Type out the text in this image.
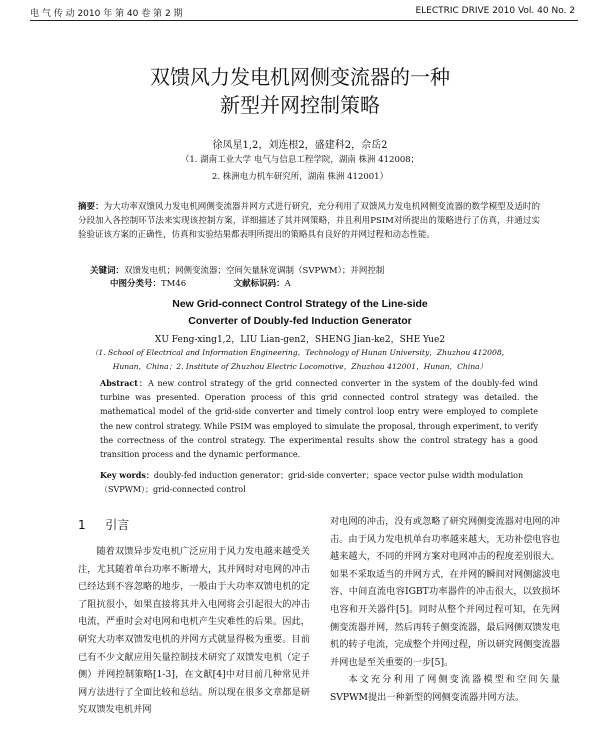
电 气 传 动 2010 年 第 40 卷 第 2 期	ELECTRIC DRIVE 2010 Vol. 40 No. 2
双馈风力发电机网侧变流器的一种
新型并网控制策略
徐凤星1,2，刘连根2，盛建科2，佘岳2
（1. 湖南工业大学 电气与信息工程学院，湖南 株洲 412008；
2. 株洲电力机车研究所，湖南 株洲 412001）
摘要：为大功率双馈风力发电机网侧变流器并网方式进行研究，充分利用了双馈风力发电机网侧变流器的数学模型及适时的分段加入各控制环节法来实现该控制方案，详细描述了其并网策略，并且利用PSIM对所提出的策略进行了仿真，并通过实验验证该方案的正确性，仿真和实验结果都表明所提出的策略具有良好的并网过程和动态性能。
关键词：双馈发电机；网侧变流器；空间矢量脉宽调制（SVPWM）；并网控制
中图分类号：TM46	文献标识码：A
New Grid-connect Control Strategy of the Line-side
Converter of Doubly-fed Induction Generator
XU Feng-xing1,2，LIU Lian-gen2，SHENG Jian-ke2，SHE Yue2
（1. School of Electrical and Information Engineering，Technology of Hunan University，Zhuzhou 412008，
Hunan，China；2. Institute of Zhuzhou Electric Locomotive，Zhuzhou 412001，Hunan，China）
Abstract：A new control strategy of the grid connected converter in the system of the doubly-fed wind turbine was presented. Operation process of this grid connected control strategy was detailed. the mathematical model of the grid-side converter and timely control loop entry were employed to complete the new control strategy. While PSIM was employed to simulate the proposal, through experiment, to verify the correctness of the control strategy. The experimental results show the control strategy has a good transition process and the dynamic performance.
Key words：doubly-fed induction generator；grid-side converter；space vector pulse width modulation（SVPWM）；grid-connected control
1 引言
随着双馈异步发电机广泛应用于风力发电越来越受关注，尤其随着单台功率不断增大，其并网时对电网的冲击已经达到不容忽略的地步，一般由于大功率双馈电机的定了阻抗很小，如果直接将其并入电网将会引起很大的冲击电流，严重时会对电网和电机产生灾难性的后果。因此，研究大功率双馈发电机的并网方式就显得极为重要。目前已有不少文献应用矢量控制技术研究了双馈发电机（定子侧）并网控制策略[1-3]，在文献[4]中对目前几种常见并网方法进行了全面比较和总结。所以现在很多文章都是研究双馈发电机并网

对电网的冲击，没有或忽略了研究网侧变流器对电网的冲击。由于风力发电机单台功率越来越大，无功补偿电容也越来越大，不同的并网方案对电网冲击的程度差别很大。如果不采取适当的并网方式，在并网的瞬间对网侧滤波电容、中间直流电容IGBT功率器件的冲击很大，以致损坏电容和开关器件[5]。同时从整个并网过程可知，在先网侧变流器并网，然后再转子侧变流器，最后网侧双馈发电机的转子电流，完成整个并网过程，所以研究网侧变流器并网也是至关重要的一步[5]。

本文充分利用了网侧变流器模型和空间矢量SVPWM提出一种新型的网侧变流器并网方法。
